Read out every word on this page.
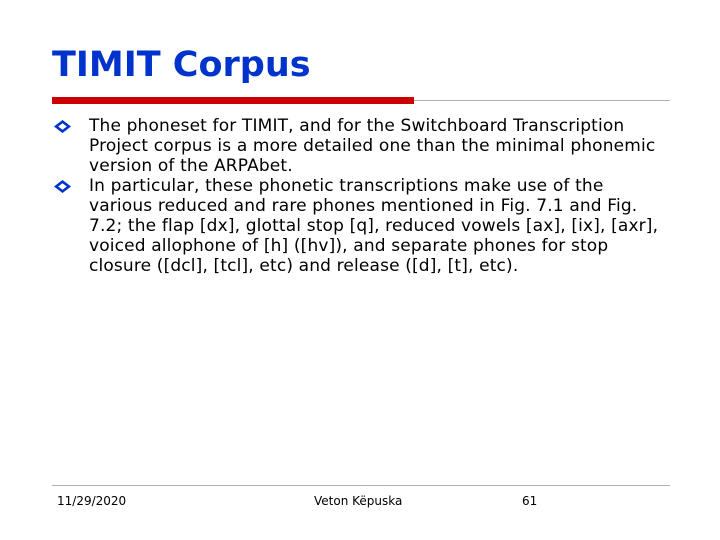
TIMIT Corpus
The phoneset for TIMIT, and for the Switchboard Transcription Project corpus is a more detailed one than the minimal phonemic version of the ARPAbet.
In particular, these phonetic transcriptions make use of the various reduced and rare phones mentioned in Fig. 7.1 and Fig. 7.2; the flap [dx], glottal stop [q], reduced vowels [ax], [ix], [axr], voiced allophone of [h] ([hv]), and separate phones for stop closure ([dcl], [tcl], etc) and release ([d], [t], etc).
11/29/2020	Veton Këpuska	61
